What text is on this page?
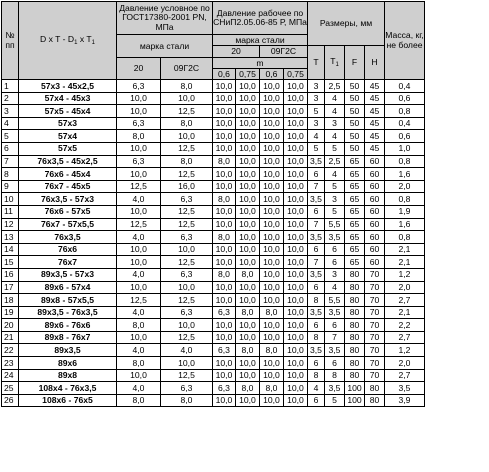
№ пп	D x T - $D_1$ x $T_1$	Давление условное по ГОСТ17380-2001 PN, МПа		Давление рабочее по СНиП2.05.06-85 Р, МПа				Размеры, мм				Масса, кг, не более
		марка стали		марка стали								
				20		09Г2С		T	$T_1$	F	H	
		20	09Г2С	m
0,6 0,75 0,6 0,75								

1	57x3 - 45x2,5	6,3	8,0	10,0	10,0	10,0	10,0	3	2,5	50	45	0,4
2	57x4 - 45x3	10,0	10,0	10,0	10,0	10,0	10,0	3	4	50	45	0,6
3	57x5 - 45x4	10,0	12,5	10,0	10,0	10,0	10,0	5	4	50	45	0,8
4	57x3	6,3	8,0	10,0	10,0	10,0	10,0	3	3	50	45	0,4
5	57x4	8,0	10,0	10,0	10,0	10,0	10,0	4	4	50	45	0,6
6	57x5	10,0	12,5	10,0	10,0	10,0	10,0	5	5	50	45	1,0
7	76x3,5 - 45x2,5	6,3	8,0	8,0	10,0	10,0	10,0	3,5	2,5	65	60	0,8
8	76x6 - 45x4	10,0	12,5	10,0	10,0	10,0	10,0	6	4	65	60	1,6
9	76x7 - 45x5	12,5	16,0	10,0	10,0	10,0	10,0	7	5	65	60	2,0
10	76x3,5 - 57x3	4,0	6,3	8,0	10,0	10,0	10,0	3,5	3	65	60	0,8
11	76x6 - 57x5	10,0	12,5	10,0	10,0	10,0	10,0	6	5	65	60	1,9
12	76x7 - 57x5,5	12,5	12,5	10,0	10,0	10,0	10,0	7	5,5	65	60	1,6
13	76x3,5	4,0	6,3	8,0	10,0	10,0	10,0	3,5	3,5	65	60	0,8
14	76x6	10,0	10,0	10,0	10,0	10,0	10,0	6	6	65	60	2,1
15	76x7	10,0	12,5	10,0	10,0	10,0	10,0	7	6	65	60	2,1
16	89x3,5 - 57x3	4,0	6,3	8,0	8,0	10,0	10,0	3,5	3	80	70	1,2
17	89x6 - 57x4	10,0	10,0	10,0	10,0	10,0	10,0	6	4	80	70	2,0
18	89x8 - 57x5,5	12,5	12,5	10,0	10,0	10,0	10,0	8	5,5	80	70	2,7
19	89x3,5 - 76x3,5	4,0	6,3	6,3	8,0	8,0	10,0	3,5	3,5	80	70	2,1
20	89x6 - 76x6	8,0	10,0	10,0	10,0	10,0	10,0	6	6	80	70	2,2
21	89x8 - 76x7	10,0	12,5	10,0	10,0	10,0	10,0	8	7	80	70	2,7
22	89x3,5	4,0	4,0	6,3	8,0	8,0	10,0	3,5	3,5	80	70	1,2
23	89x6	8,0	10,0	10,0	10,0	10,0	10,0	6	6	80	70	2,0
24	89x8	10,0	12,5	10,0	10,0	10,0	10,0	8	8	80	70	2,7
25	108x4 - 76x3,5	4,0	6,3	6,3	8,0	8,0	10,0	4	3,5	100	80	3,5
26	108x6 - 76x5	8,0	8,0	10,0	10,0	10,0	10,0	6	5	100	80	3,9
